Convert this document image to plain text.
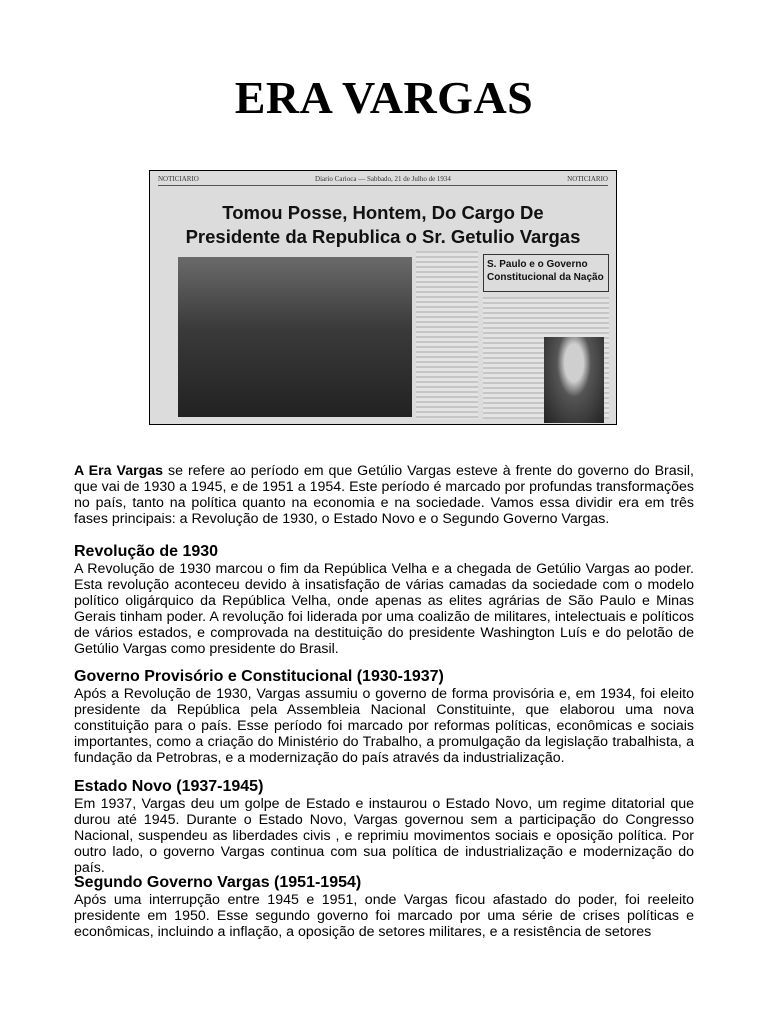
ERA VARGAS
NOTICIARIO	Diario Carioca — Sabbado, 21 de Julho de 1934	NOTICIARIO
Tomou Posse, Hontem, Do Cargo De
Presidente da Republica o Sr. Getulio Vargas
S. Paulo e o Governo
Constitucional da Nação

A Era Vargas se refere ao período em que Getúlio Vargas esteve à frente do governo do Brasil, que vai de 1930 a 1945, e de 1951 a 1954. Este período é marcado por profundas transformações no país, tanto na política quanto na economia e na sociedade. Vamos essa dividir era em três fases principais: a Revolução de 1930, o Estado Novo e o Segundo Governo Vargas.

Revolução de 1930

A Revolução de 1930 marcou o fim da República Velha e a chegada de Getúlio Vargas ao poder. Esta revolução aconteceu devido à insatisfação de várias camadas da sociedade com o modelo político oligárquico da República Velha, onde apenas as elites agrárias de São Paulo e Minas Gerais tinham poder. A revolução foi liderada por uma coalizão de militares, intelectuais e políticos de vários estados, e comprovada na destituição do presidente Washington Luís e do pelotão de Getúlio Vargas como presidente do Brasil.

Governo Provisório e Constitucional (1930-1937)

Após a Revolução de 1930, Vargas assumiu o governo de forma provisória e, em 1934, foi eleito presidente da República pela Assembleia Nacional Constituinte, que elaborou uma nova constituição para o país. Esse período foi marcado por reformas políticas, econômicas e sociais importantes, como a criação do Ministério do Trabalho, a promulgação da legislação trabalhista, a fundação da Petrobras, e a modernização do país através da industrialização.

Estado Novo (1937-1945)

Em 1937, Vargas deu um golpe de Estado e instaurou o Estado Novo, um regime ditatorial que durou até 1945. Durante o Estado Novo, Vargas governou sem a participação do Congresso Nacional, suspendeu as liberdades civis , e reprimiu movimentos sociais e oposição política. Por outro lado, o governo Vargas continua com sua política de industrialização e modernização do país.

Segundo Governo Vargas (1951-1954)

Após uma interrupção entre 1945 e 1951, onde Vargas ficou afastado do poder, foi reeleito presidente em 1950. Esse segundo governo foi marcado por uma série de crises políticas e econômicas, incluindo a inflação, a oposição de setores militares, e a resistência de setores
